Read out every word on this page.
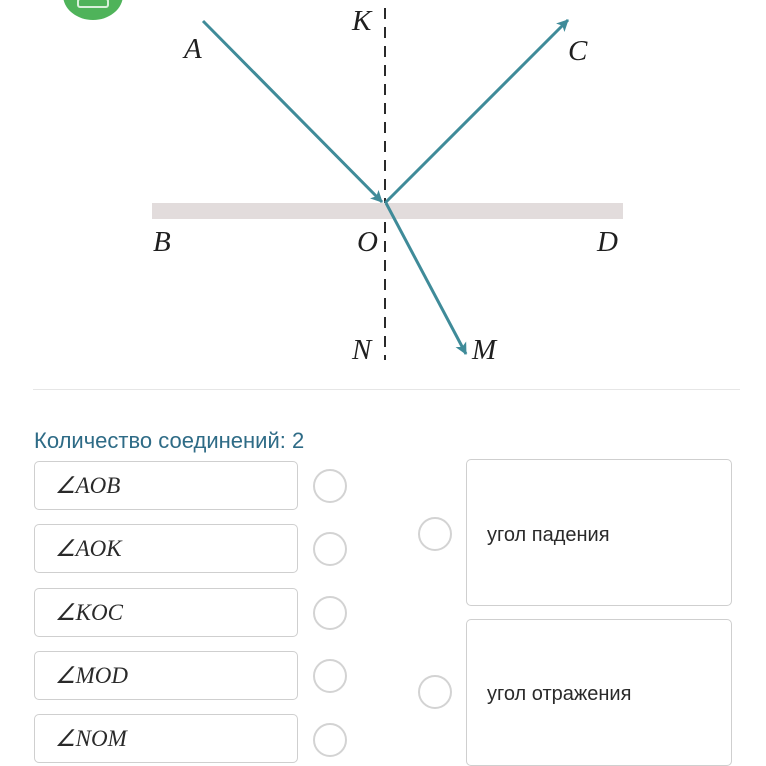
A
K
C
B	O	D
N	M
Количество соединений: 2
∠AOB
∠AOK
∠KOC
∠MOD
∠NOM
угол падения
угол отражения
